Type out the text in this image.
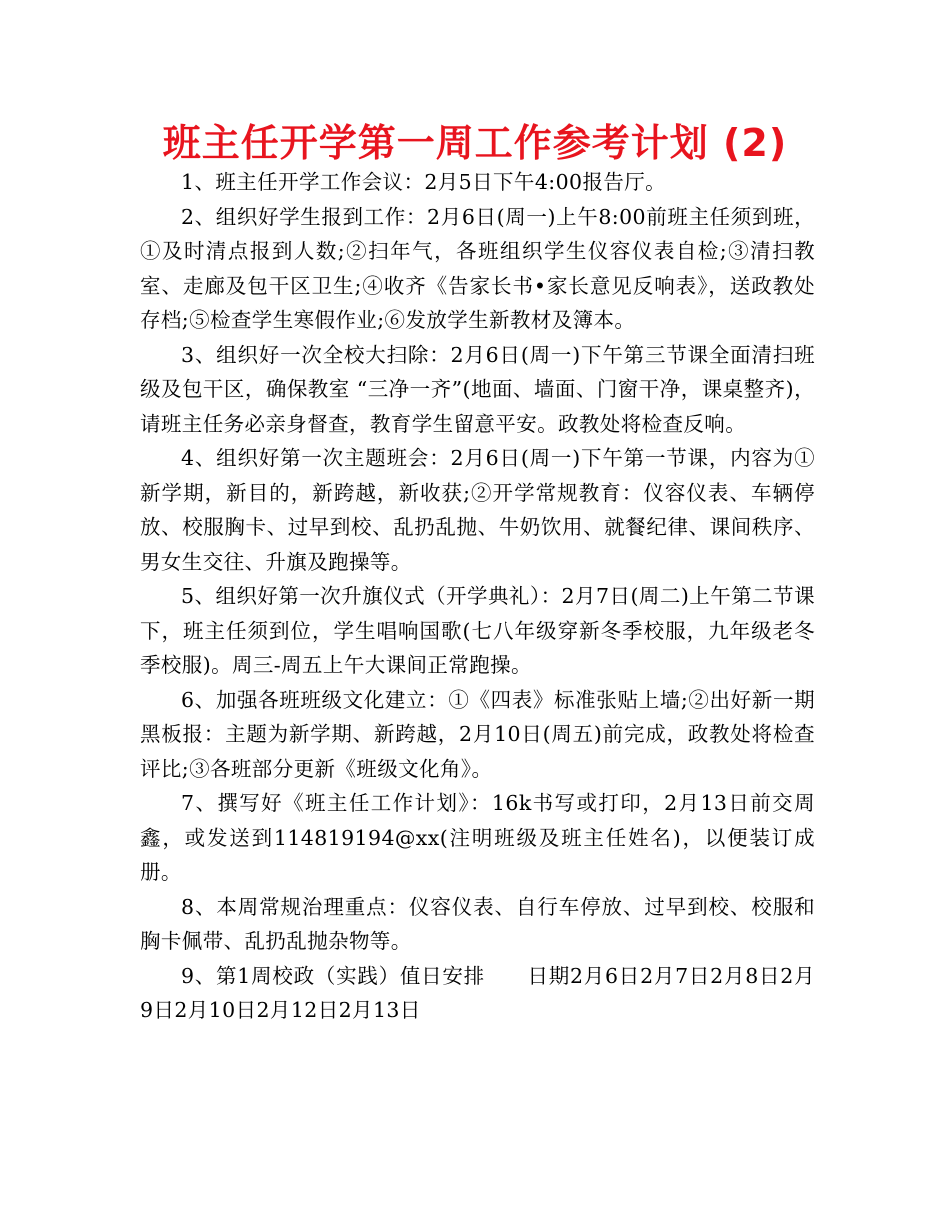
班主任开学第一周工作参考计划 (2)

1、班主任开学工作会议：2月5日下午4:00报告厅。

2、组织好学生报到工作：2月6日(周一)上午8:00前班主任须到班，①及时清点报到人数;②扫年气，各班组织学生仪容仪表自检;③清扫教室、走廊及包干区卫生;④收齐《告家长书•家长意见反响表》，送政教处存档;⑤检查学生寒假作业;⑥发放学生新教材及簿本。

3、组织好一次全校大扫除：2月6日(周一)下午第三节课全面清扫班级及包干区，确保教室 “三净一齐”(地面、墙面、门窗干净，课桌整齐)，请班主任务必亲身督查，教育学生留意平安。政教处将检查反响。

4、组织好第一次主题班会：2月6日(周一)下午第一节课，内容为①新学期，新目的，新跨越，新收获;②开学常规教育：仪容仪表、车辆停放、校服胸卡、过早到校、乱扔乱抛、牛奶饮用、就餐纪律、课间秩序、男女生交往、升旗及跑操等。

5、组织好第一次升旗仪式（开学典礼）：2月7日(周二)上午第二节课下，班主任须到位，学生唱响国歌(七八年级穿新冬季校服，九年级老冬季校服)。周三-周五上午大课间正常跑操。

6、加强各班班级文化建立：①《四表》标准张贴上墙;②出好新一期黑板报：主题为新学期、新跨越，2月10日(周五)前完成，政教处将检查评比;③各班部分更新《班级文化角》。

7、撰写好《班主任工作计划》：16k书写或打印，2月13日前交周鑫，或发送到114819194@xx(注明班级及班主任姓名)，以便装订成册。

8、本周常规治理重点：仪容仪表、自行车停放、过早到校、校服和胸卡佩带、乱扔乱抛杂物等。

9、第1周校政（实践）值日安排　　日期2月6日2月7日2月8日2月9日2月10日2月12日2月13日
